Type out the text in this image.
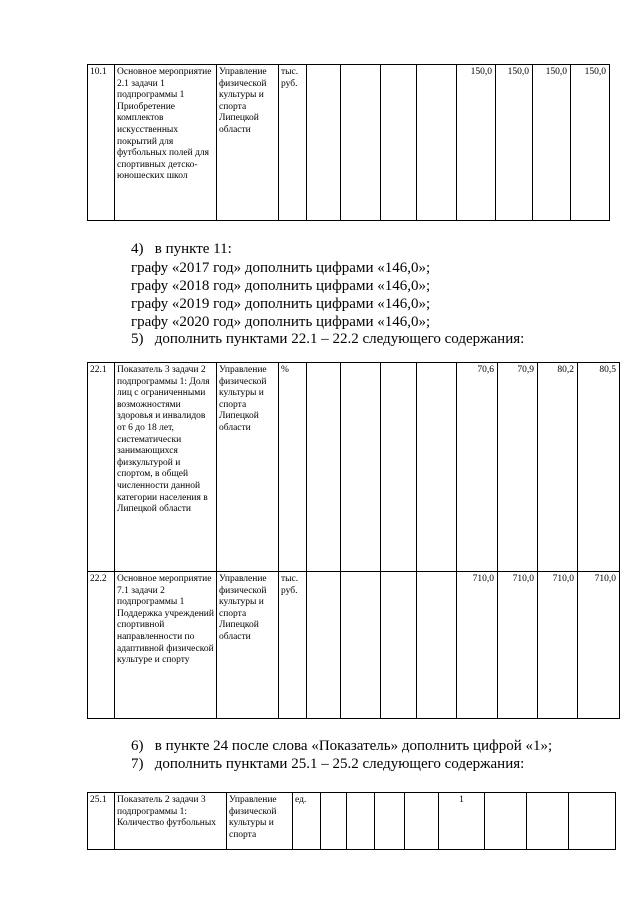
10.1	Основное мероприятие 2.1 задачи 1 подпрограммы 1 Приобретение комплектов искусственных покрытий для футбольных полей для спортивных детско-юношеских школ	Управление физической культуры и спорта Липецкой области	тыс. руб.					150,0	150,0	150,0	150,0
4)   в пункте 11:
графу «2017 год» дополнить цифрами «146,0»;
графу «2018 год» дополнить цифрами «146,0»;
графу «2019 год» дополнить цифрами «146,0»;
графу «2020 год» дополнить цифрами «146,0»;
5)   дополнить пунктами 22.1 – 22.2 следующего содержания:
22.1	Показатель 3 задачи 2 подпрограммы 1: Доля лиц с ограниченными возможностями здоровья и инвалидов от 6 до 18 лет, систематически занимающихся физкультурой и спортом, в общей численности данной категории населения в Липецкой области	Управление физической культуры и спорта Липецкой области	%					70,6	70,9	80,2	80,5
22.2	Основное мероприятие 7.1 задачи 2 подпрограммы 1 Поддержка учреждений спортивной направленности по адаптивной физической культуре и спорту	Управление физической культуры и спорта Липецкой области	тыс. руб.					710,0	710,0	710,0	710,0
6)   в пункте 24 после слова «Показатель» дополнить цифрой «1»;
7)   дополнить пунктами 25.1 – 25.2 следующего содержания:
25.1	Показатель 2 задачи 3 подпрограммы 1: Количество футбольных	Управление физической культуры и спорта	ед.					1			
